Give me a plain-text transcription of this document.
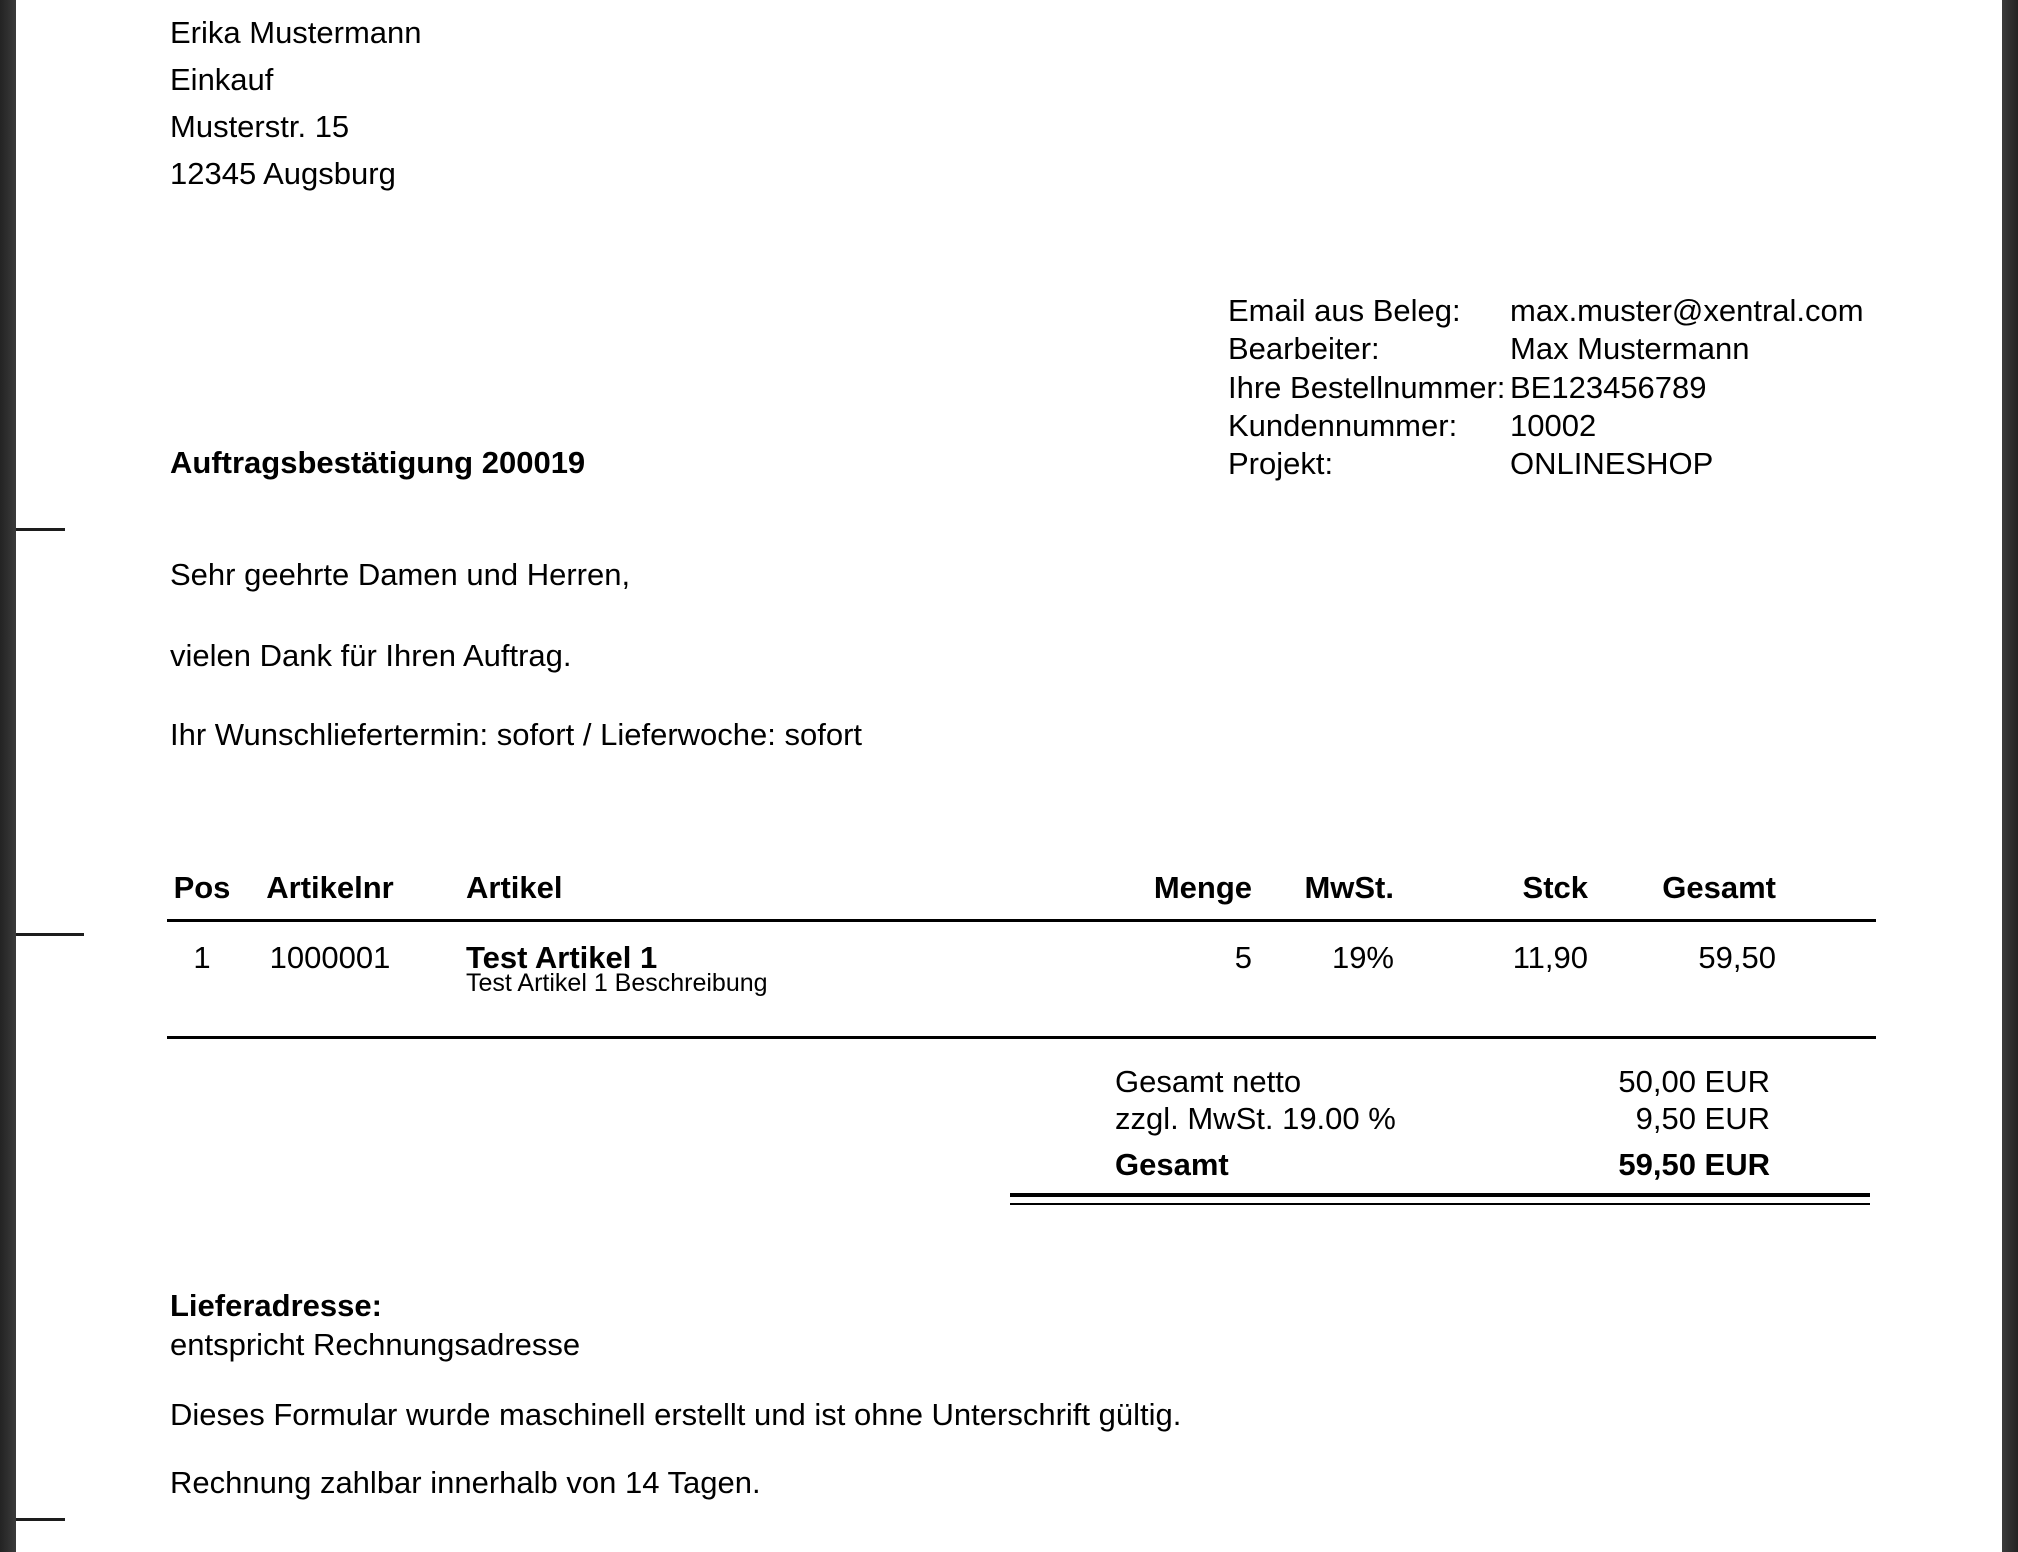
Erika Mustermann
Einkauf
Musterstr. 15
12345 Augsburg
Email aus Beleg:	max.muster@xentral.com
Bearbeiter:	Max Mustermann
Ihre Bestellnummer: BE123456789
Kundennummer:	10002
Projekt:	ONLINESHOP
Auftragsbestätigung 200019
Sehr geehrte Damen und Herren,
vielen Dank für Ihren Auftrag.
Ihr Wunschliefertermin: sofort / Lieferwoche: sofort
Pos Artikelnr Artikel	Menge	MwSt.	Stck	Gesamt
1	1000001	Test Artikel 1
Test Artikel 1 Beschreibung
5	19%	11,90	59,50
Gesamt netto	50,00 EUR
zzgl. MwSt. 19.00 %	9,50 EUR
Gesamt	59,50 EUR
Lieferadresse:
entspricht Rechnungsadresse
Dieses Formular wurde maschinell erstellt und ist ohne Unterschrift gültig.
Rechnung zahlbar innerhalb von 14 Tagen.
